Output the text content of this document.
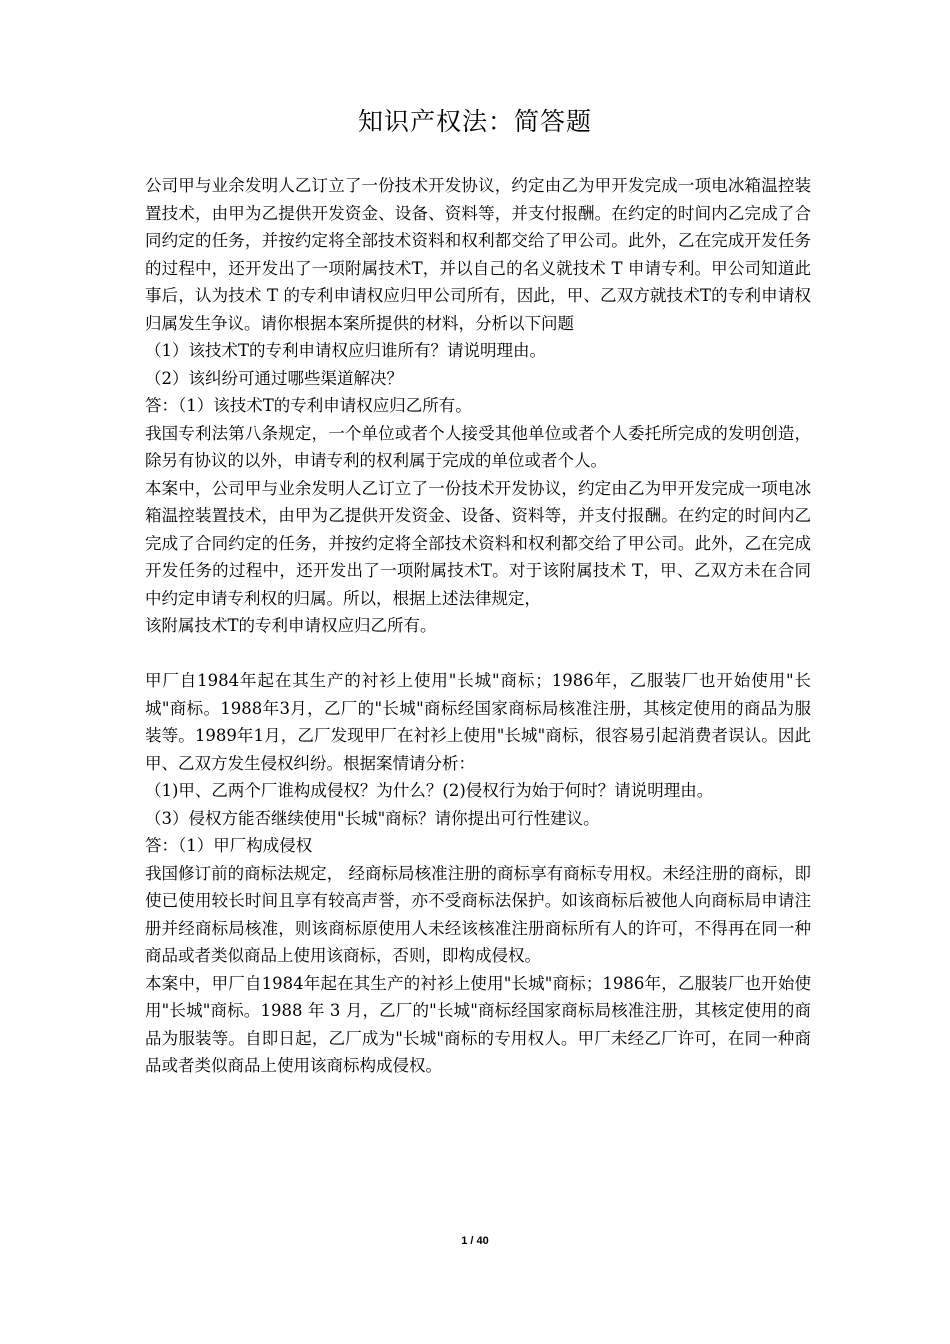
知识产权法：简答题

公司甲与业余发明人乙订立了一份技术开发协议，约定由乙为甲开发完成一项电冰箱温控装置技术，由甲为乙提供开发资金、设备、资料等，并支付报酬。在约定的时间内乙完成了合同约定的任务，并按约定将全部技术资料和权利都交给了甲公司。此外，乙在完成开发任务的过程中，还开发出了一项附属技术T，并以自己的名义就技术 T 申请专利。甲公司知道此事后，认为技术 T 的专利申请权应归甲公司所有，因此，甲、乙双方就技术T的专利申请权归属发生争议。请你根据本案所提供的材料，分析以下问题

（1）该技术T的专利申请权应归谁所有？请说明理由。

（2）该纠纷可通过哪些渠道解决？

答：（1）该技术T的专利申请权应归乙所有。

我国专利法第八条规定，一个单位或者个人接受其他单位或者个人委托所完成的发明创造，除另有协议的以外，申请专利的权利属于完成的单位或者个人。

本案中，公司甲与业余发明人乙订立了一份技术开发协议，约定由乙为甲开发完成一项电冰箱温控装置技术，由甲为乙提供开发资金、设备、资料等，并支付报酬。在约定的时间内乙完成了合同约定的任务，并按约定将全部技术资料和权利都交给了甲公司。此外，乙在完成开发任务的过程中，还开发出了一项附属技术T。对于该附属技术 T，甲、乙双方未在合同中约定申请专利权的归属。所以，根据上述法律规定，

该附属技术T的专利申请权应归乙所有。

甲厂自1984年起在其生产的衬衫上使用"长城"商标；1986年，乙服装厂也开始使用"长城"商标。1988年3月，乙厂的"长城"商标经国家商标局核准注册，其核定使用的商品为服装等。1989年1月，乙厂发现甲厂在衬衫上使用"长城"商标，很容易引起消费者误认。因此甲、乙双方发生侵权纠纷。根据案情请分析：

（1)甲、乙两个厂谁构成侵权？为什么？(2)侵权行为始于何时？请说明理由。

（3）侵权方能否继续使用"长城"商标？请你提出可行性建议。

答：（1）甲厂构成侵权

我国修订前的商标法规定， 经商标局核准注册的商标享有商标专用权。未经注册的商标，即使已使用较长时间且享有较高声誉，亦不受商标法保护。如该商标后被他人向商标局申请注册并经商标局核准，则该商标原使用人未经该核准注册商标所有人的许可，不得再在同一种商品或者类似商品上使用该商标，否则，即构成侵权。

本案中，甲厂自1984年起在其生产的衬衫上使用"长城"商标；1986年，乙服装厂也开始使用"长城"商标。1988 年 3 月，乙厂的"长城"商标经国家商标局核准注册，其核定使用的商品为服装等。自即日起，乙厂成为"长城"商标的专用权人。甲厂未经乙厂许可，在同一种商品或者类似商品上使用该商标构成侵权。

1 / 40
